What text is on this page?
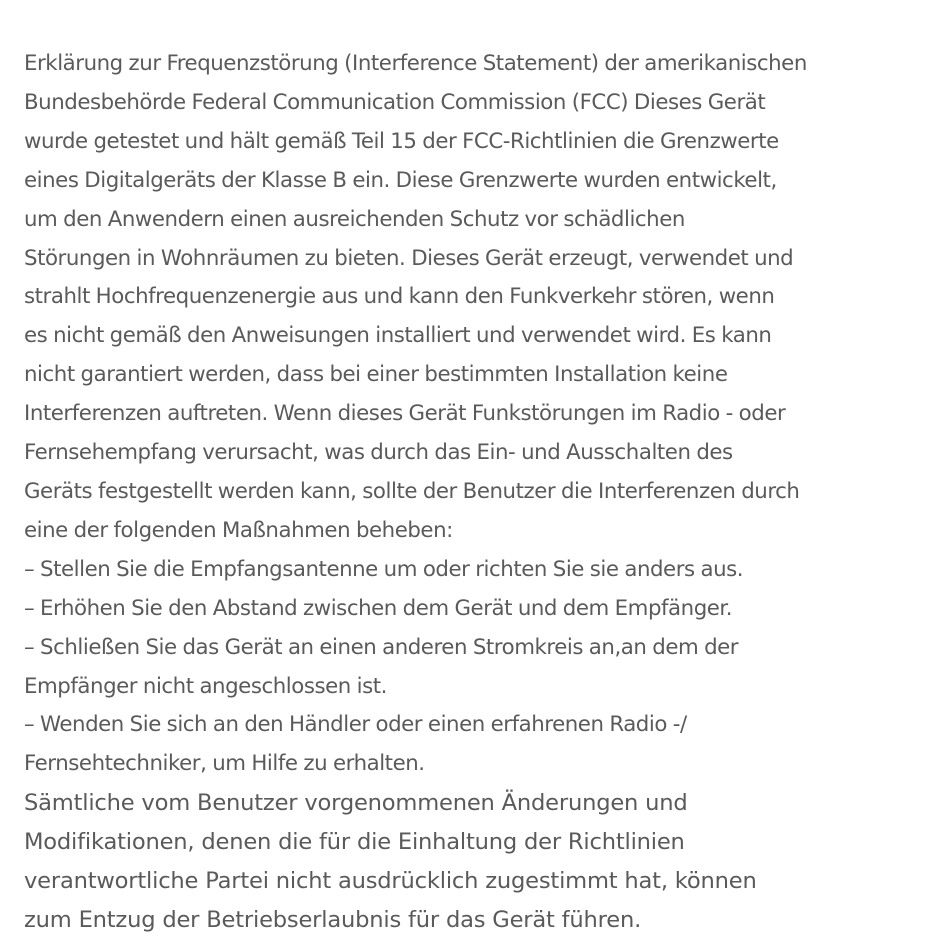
Erklärung zur Frequenzstörung (Interference Statement) der amerikanischen
Bundesbehörde Federal Communication Commission (FCC) Dieses Gerät
wurde getestet und hält gemäß Teil 15 der FCC-Richtlinien die Grenzwerte
eines Digitalgeräts der Klasse B ein. Diese Grenzwerte wurden entwickelt,
um den Anwendern einen ausreichenden Schutz vor schädlichen
Störungen in Wohnräumen zu bieten. Dieses Gerät erzeugt, verwendet und
strahlt Hochfrequenzenergie aus und kann den Funkverkehr stören, wenn
es nicht gemäß den Anweisungen installiert und verwendet wird. Es kann
nicht garantiert werden, dass bei einer bestimmten Installation keine
Interferenzen auftreten. Wenn dieses Gerät Funkstörungen im Radio - oder
Fernsehempfang verursacht, was durch das Ein- und Ausschalten des
Geräts festgestellt werden kann, sollte der Benutzer die Interferenzen durch
eine der folgenden Maßnahmen beheben:

– Stellen Sie die Empfangsantenne um oder richten Sie sie anders aus.

– Erhöhen Sie den Abstand zwischen dem Gerät und dem Empfänger.

– Schließen Sie das Gerät an einen anderen Stromkreis an,an dem der
Empfänger nicht angeschlossen ist.

– Wenden Sie sich an den Händler oder einen erfahrenen Radio -/
Fernsehtechniker, um Hilfe zu erhalten.

Sämtliche vom Benutzer vorgenommenen Änderungen und
Modifikationen, denen die für die Einhaltung der Richtlinien
verantwortliche Partei nicht ausdrücklich zugestimmt hat, können
zum Entzug der Betriebserlaubnis für das Gerät führen.
